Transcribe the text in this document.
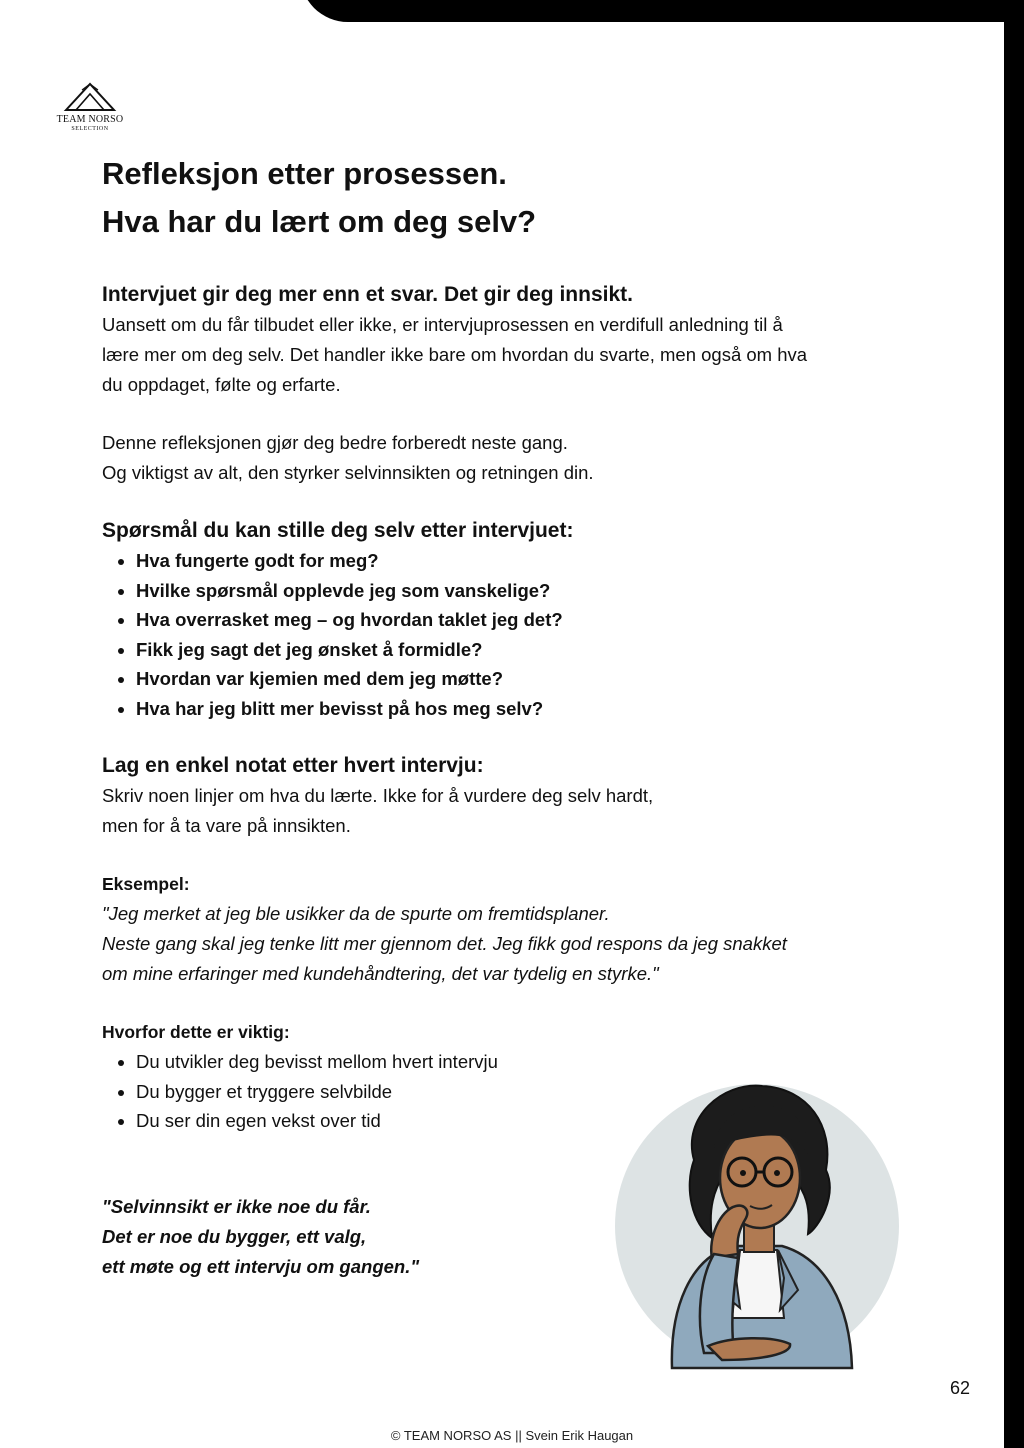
TEAM NORSO
SELECTION
Refleksjon etter prosessen.
Hva har du lært om deg selv?
Intervjuet gir deg mer enn et svar. Det gir deg innsikt.

Uansett om du får tilbudet eller ikke, er intervjuprosessen en verdifull anledning til å

lære mer om deg selv. Det handler ikke bare om hvordan du svarte, men også om hva

du oppdaget, følte og erfarte.

Denne refleksjonen gjør deg bedre forberedt neste gang.

Og viktigst av alt, den styrker selvinnsikten og retningen din.

Spørsmål du kan stille deg selv etter intervjuet:
• Hva fungerte godt for meg?
• Hvilke spørsmål opplevde jeg som vanskelige?
• Hva overrasket meg – og hvordan taklet jeg det?
• Fikk jeg sagt det jeg ønsket å formidle?
• Hvordan var kjemien med dem jeg møtte?
• Hva har jeg blitt mer bevisst på hos meg selv?
Lag en enkel notat etter hvert intervju:

Skriv noen linjer om hva du lærte. Ikke for å vurdere deg selv hardt,

men for å ta vare på innsikten.

Eksempel:
"Jeg merket at jeg ble usikker da de spurte om fremtidsplaner.
Neste gang skal jeg tenke litt mer gjennom det. Jeg fikk god respons da jeg snakket
om mine erfaringer med kundehåndtering, det var tydelig en styrke."
Hvorfor dette er viktig:
• Du utvikler deg bevisst mellom hvert intervju
• Du bygger et tryggere selvbilde
• Du ser din egen vekst over tid
"Selvinnsikt er ikke noe du får.
Det er noe du bygger, ett valg,
ett møte og ett intervju om gangen."
62
© TEAM NORSO AS || Svein Erik Haugan
